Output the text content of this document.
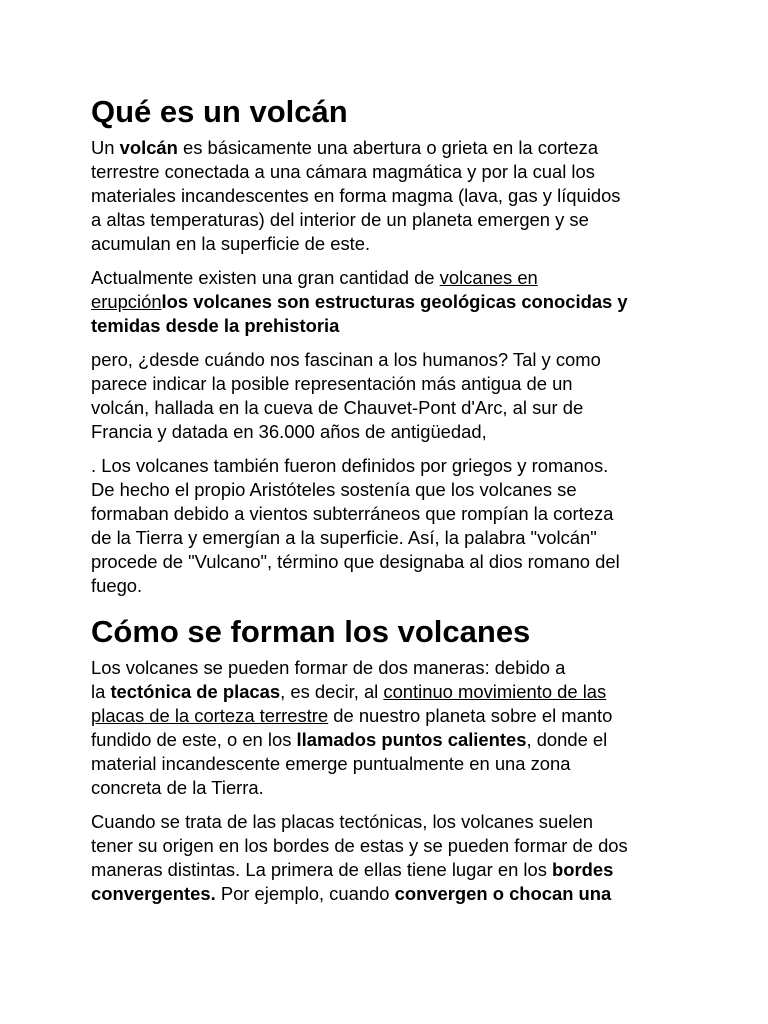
Qué es un volcán

Un volcán es básicamente una abertura o grieta en la corteza
terrestre conectada a una cámara magmática y por la cual los
materiales incandescentes en forma magma (lava, gas y líquidos
a altas temperaturas) del interior de un planeta emergen y se
acumulan en la superficie de este.

Actualmente existen una gran cantidad de volcanes en
erupciónlos volcanes son estructuras geológicas conocidas y
temidas desde la prehistoria

pero, ¿desde cuándo nos fascinan a los humanos? Tal y como
parece indicar la posible representación más antigua de un
volcán, hallada en la cueva de Chauvet-Pont d'Arc, al sur de
Francia y datada en 36.000 años de antigüedad,

. Los volcanes también fueron definidos por griegos y romanos.
De hecho el propio Aristóteles sostenía que los volcanes se
formaban debido a vientos subterráneos que rompían la corteza
de la Tierra y emergían a la superficie. Así, la palabra "volcán"
procede de "Vulcano", término que designaba al dios romano del
fuego.

Cómo se forman los volcanes

Los volcanes se pueden formar de dos maneras: debido a
la tectónica de placas, es decir, al continuo movimiento de las
placas de la corteza terrestre de nuestro planeta sobre el manto
fundido de este, o en los llamados puntos calientes, donde el
material incandescente emerge puntualmente en una zona
concreta de la Tierra.

Cuando se trata de las placas tectónicas, los volcanes suelen
tener su origen en los bordes de estas y se pueden formar de dos
maneras distintas. La primera de ellas tiene lugar en los bordes
convergentes. Por ejemplo, cuando convergen o chocan una
